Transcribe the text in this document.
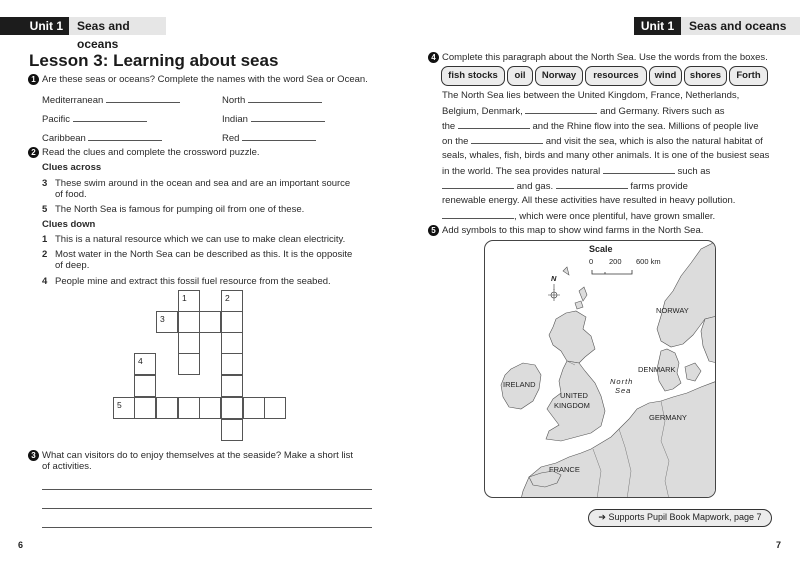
Unit 1	Seas and oceans
Lesson 3: Learning about seas
1 Are these seas or oceans? Complete the names with the word Sea or Ocean.
Mediterranean	North
Pacific	Indian
Caribbean	Red
2 Read the clues and complete the crossword puzzle.
Clues across
3 These swim around in the ocean and sea and are an important source
of food.
5 The North Sea is famous for pumping oil from one of these.
Clues down
1 This is a natural resource which we can use to make clean electricity.
2 Most water in the North Sea can be described as this. It is the opposite
of deep.
4 People mine and extract this fossil fuel resource from the seabed.
1	2
3
4
5
3 What can visitors do to enjoy themselves at the seaside? Make a short list
of activities.
6
Unit 1	Seas and oceans
4 Complete this paragraph about the North Sea. Use the words from the boxes.
fish stocks	oil	Norway	resources	wind	shores	Forth
The North Sea lies between the United Kingdom, France, Netherlands,
Belgium, Denmark,	and Germany. Rivers such as
the	and the Rhine flow into the sea. Millions of people live
on the	and visit the sea, which is also the natural habitat of
seals, whales, fish, birds and many other animals. It is one of the busiest seas
in the world. The sea provides natural	such as
and gas.	farms provide
renewable energy. All these activities have resulted in heavy pollution.
, which were once plentiful, have grown smaller.
5 Add symbols to this map to show wind farms in the North Sea.
Scale
0 200 600 km
N
NORWAY
DENMARK
IRELAND
UNITED
KINGDOM
North
Sea
GERMANY
FRANCE
➔ Supports Pupil Book Mapwork, page 7
7
